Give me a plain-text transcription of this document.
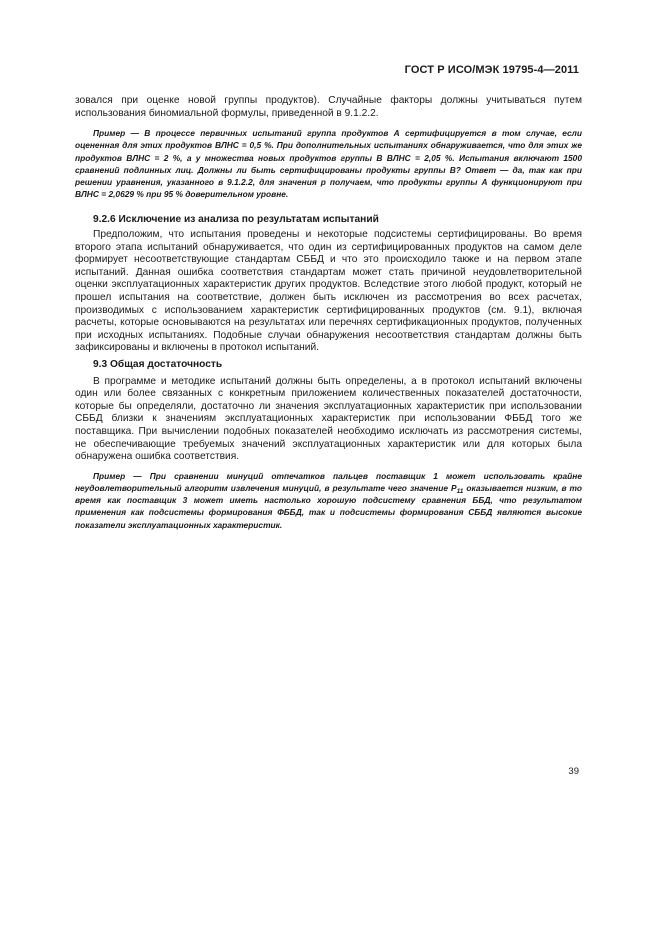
ГОСТ Р ИСО/МЭК 19795-4—2011

зовался при оценке новой группы продуктов). Случайные факторы должны учитываться путем использования биномиальной формулы, приведенной в 9.1.2.2.

Пример — В процессе первичных испытаний группа продуктов А сертифицируется в том случае, если оцененная для этих продуктов ВЛНС = 0,5 %. При дополнительных испытаниях обнаруживается, что для этих же продуктов ВЛНС = 2 %, а у множества новых продуктов группы В ВЛНС = 2,05 %. Испытания включают 1500 сравнений подлинных лиц. Должны ли быть сертифицированы продукты группы В? Ответ — да, так как при решении уравнения, указанного в 9.1.2.2, для значения р получаем, что продукты группы А функционируют при ВЛНС = 2,0629 % при 95 % доверительном уровне.

9.2.6 Исключение из анализа по результатам испытаний

Предположим, что испытания проведены и некоторые подсистемы сертифицированы. Во время второго этапа испытаний обнаруживается, что один из сертифицированных продуктов на самом деле формирует несоответствующие стандартам СББД и что это происходило также и на первом этапе испытаний. Данная ошибка соответствия стандартам может стать причиной неудовлетворительной оценки эксплуатационных характеристик других продуктов. Вследствие этого любой продукт, который не прошел испытания на соответствие, должен быть исключен из рассмотрения во всех расчетах, производимых с использованием характеристик сертифицированных продуктов (см. 9.1), включая расчеты, которые основываются на результатах или перечнях сертификационных продуктов, полученных при исходных испытаниях. Подобные случаи обнаружения несоответствия стандартам должны быть зафиксированы и включены в протокол испытаний.

9.3 Общая достаточность

В программе и методике испытаний должны быть определены, а в протокол испытаний включены один или более связанных с конкретным приложением количественных показателей достаточности, которые бы определяли, достаточно ли значения эксплуатационных характеристик при использовании СББД близки к значениям эксплуатационных характеристик при использовании ФББД того же поставщика. При вычислении подобных показателей необходимо исключать из рассмотрения системы, не обеспечивающие требуемых значений эксплуатационных характеристик или для которых была обнаружена ошибка соответствия.

Пример — При сравнении минуций отпечатков пальцев поставщик 1 может использовать крайне неудовлетворительный алгоритм извлечения минуций, в результате чего значение $P_{11}$ оказывается низким, в то время как поставщик 3 может иметь настолько хорошую подсистему сравнения ББД, что результатом применения как подсистемы формирования ФББД, так и подсистемы формирования СББД являются высокие показатели эксплуатационных характеристик.

39
